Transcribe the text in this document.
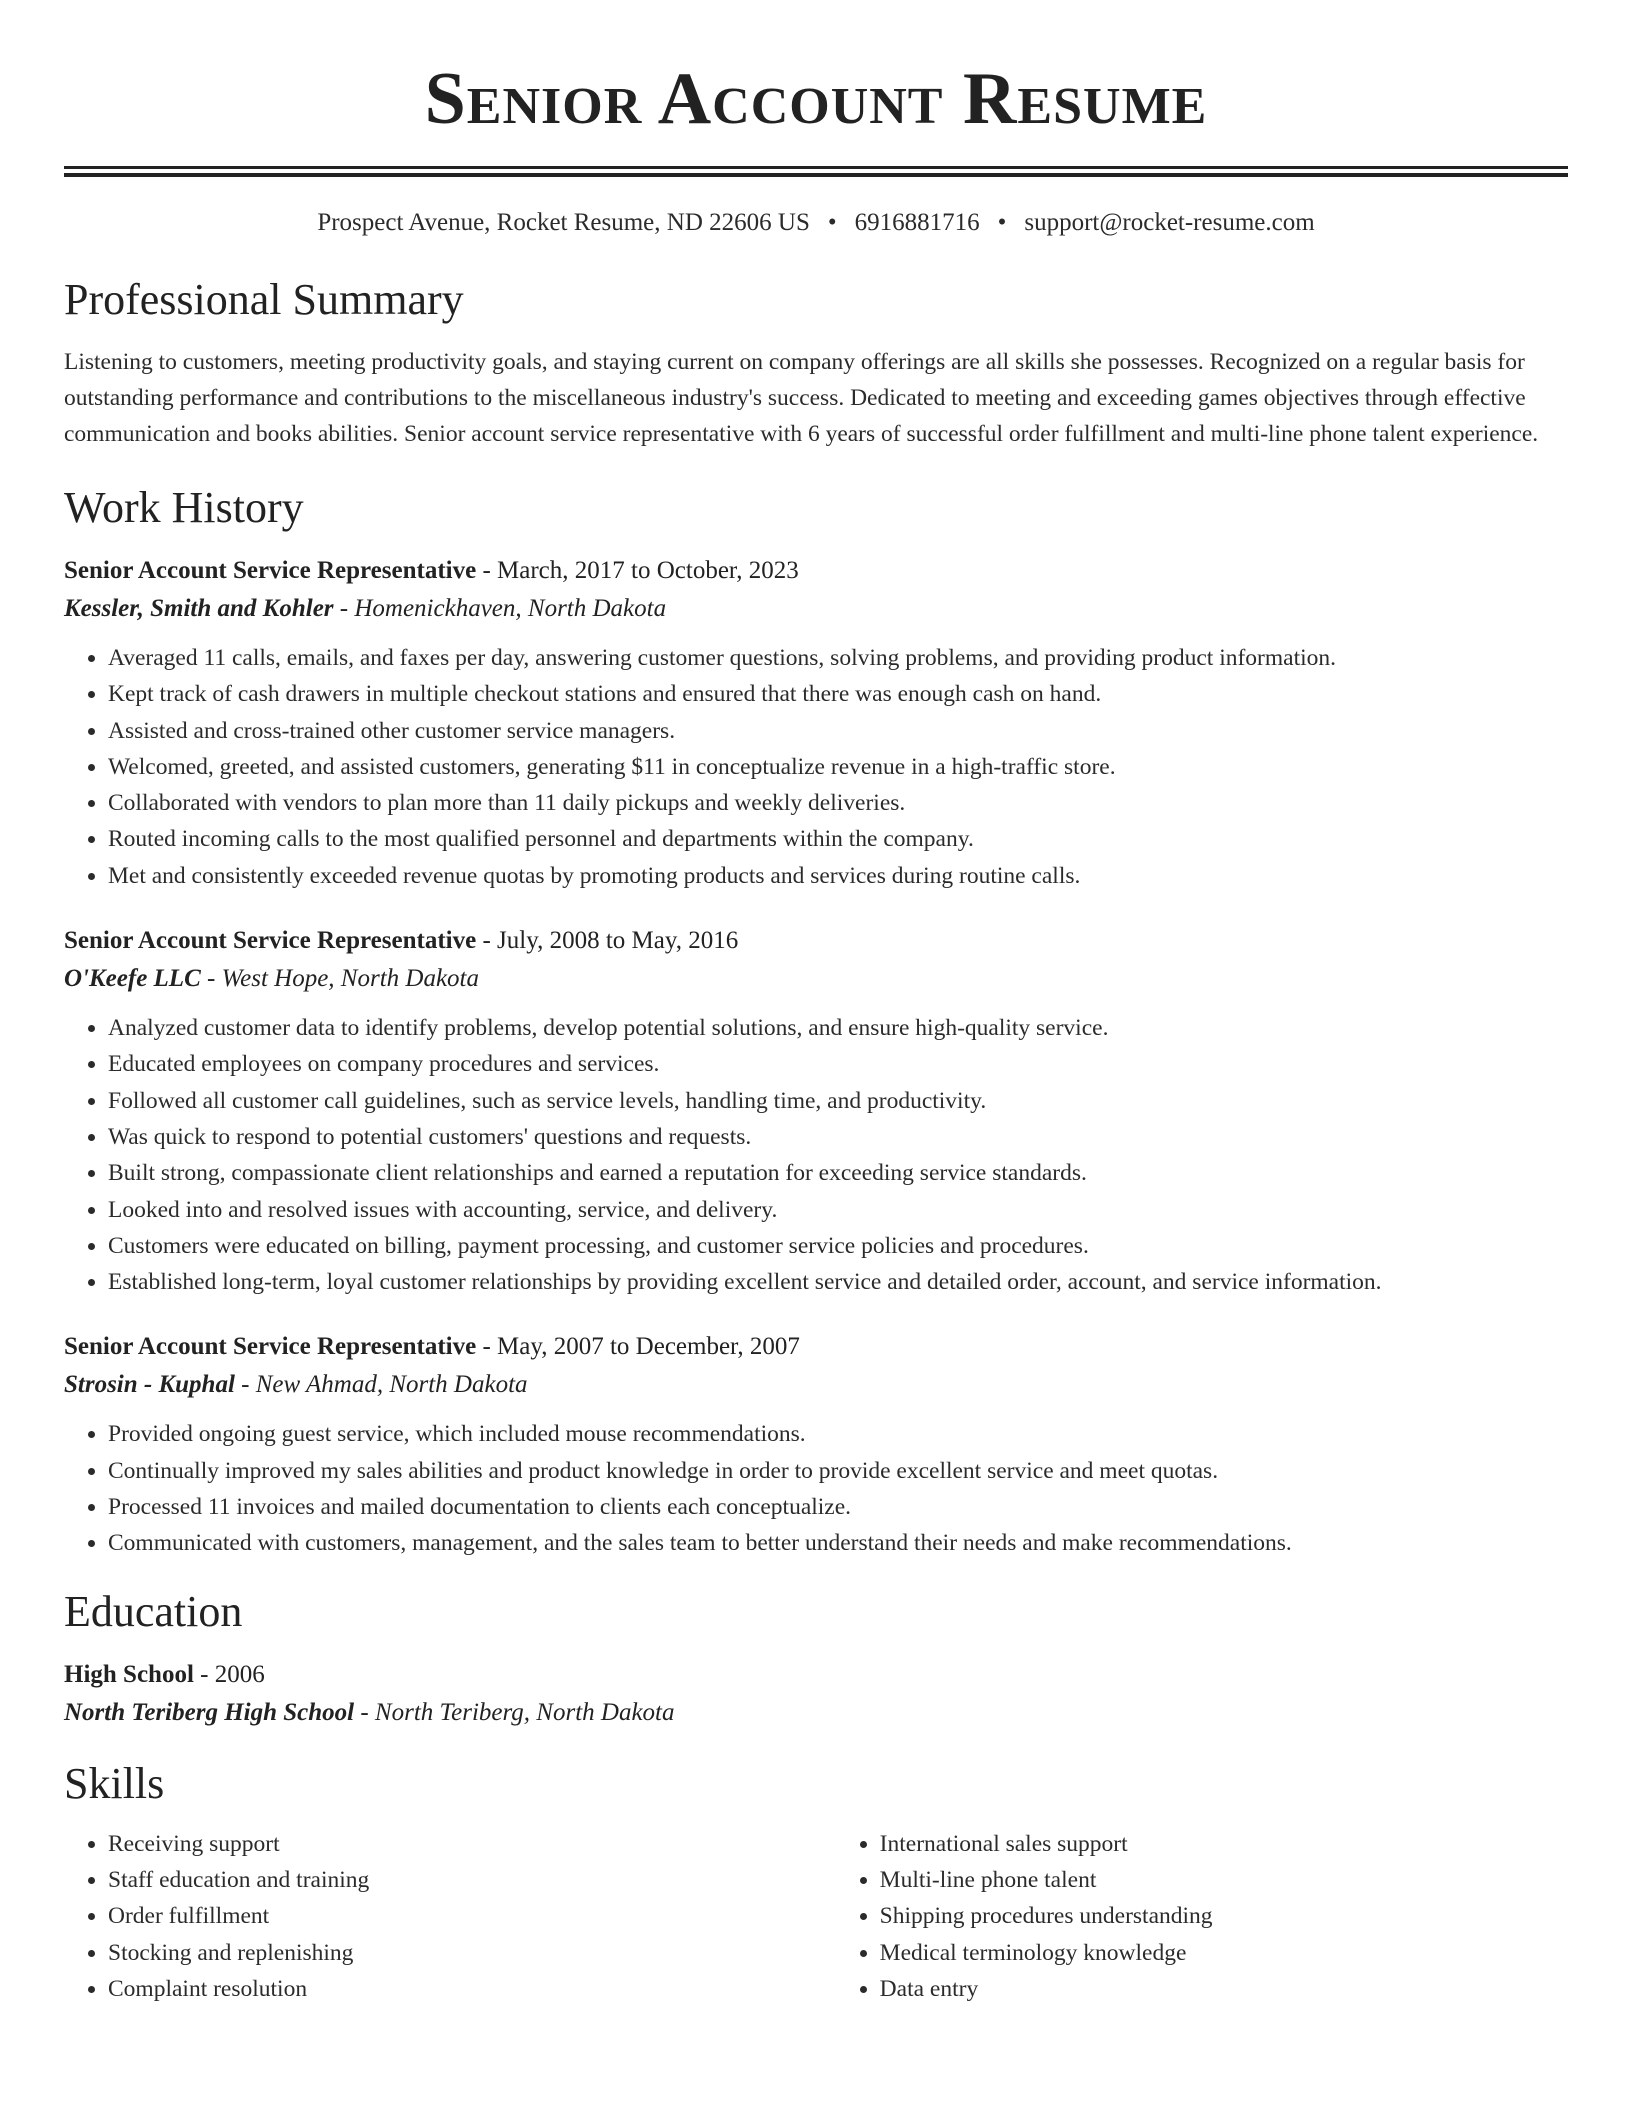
Senior Account Resume
Prospect Avenue, Rocket Resume, ND 22606 US • 6916881716 • support@rocket-resume.com
Professional Summary

Listening to customers, meeting productivity goals, and staying current on company offerings are all skills she possesses. Recognized on a regular basis for outstanding performance and contributions to the miscellaneous industry's success. Dedicated to meeting and exceeding games objectives through effective communication and books abilities. Senior account service representative with 6 years of successful order fulfillment and multi-line phone talent experience.

Work History

Senior Account Service Representative - March, 2017 to October, 2023

Kessler, Smith and Kohler - Homenickhaven, North Dakota

• Averaged 11 calls, emails, and faxes per day, answering customer questions, solving problems, and providing product information.
• Kept track of cash drawers in multiple checkout stations and ensured that there was enough cash on hand.
• Assisted and cross-trained other customer service managers.
• Welcomed, greeted, and assisted customers, generating $11 in conceptualize revenue in a high-traffic store.
• Collaborated with vendors to plan more than 11 daily pickups and weekly deliveries.
• Routed incoming calls to the most qualified personnel and departments within the company.
• Met and consistently exceeded revenue quotas by promoting products and services during routine calls.

Senior Account Service Representative - July, 2008 to May, 2016

O'Keefe LLC - West Hope, North Dakota

• Analyzed customer data to identify problems, develop potential solutions, and ensure high-quality service.
• Educated employees on company procedures and services.
• Followed all customer call guidelines, such as service levels, handling time, and productivity.
• Was quick to respond to potential customers' questions and requests.
• Built strong, compassionate client relationships and earned a reputation for exceeding service standards.
• Looked into and resolved issues with accounting, service, and delivery.
• Customers were educated on billing, payment processing, and customer service policies and procedures.
• Established long-term, loyal customer relationships by providing excellent service and detailed order, account, and service information.

Senior Account Service Representative - May, 2007 to December, 2007

Strosin - Kuphal - New Ahmad, North Dakota

• Provided ongoing guest service, which included mouse recommendations.
• Continually improved my sales abilities and product knowledge in order to provide excellent service and meet quotas.
• Processed 11 invoices and mailed documentation to clients each conceptualize.
• Communicated with customers, management, and the sales team to better understand their needs and make recommendations.
Education

High School - 2006

North Teriberg High School - North Teriberg, North Dakota

Skills
• Receiving support
• Staff education and training
• Order fulfillment
• Stocking and replenishing
• Complaint resolution
• International sales support
• Multi-line phone talent
• Shipping procedures understanding
• Medical terminology knowledge
• Data entry
